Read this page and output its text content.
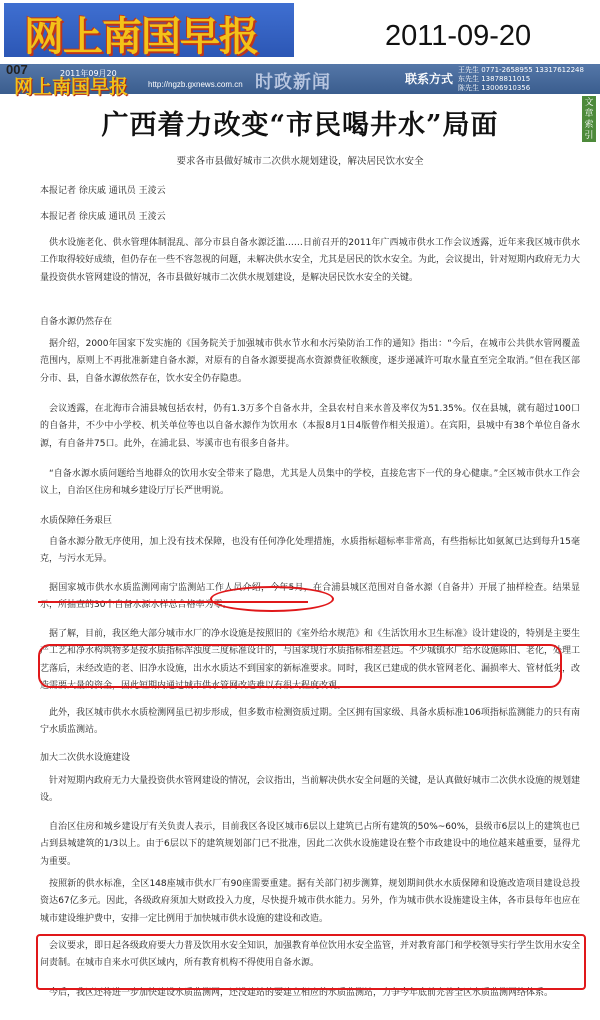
网上南国早报	2011-09-20
007
网上南国早报
2011年09月20
http://ngzb.gxnews.com.cn 时政新闻	联系方式
王先生 0771-2658955 13317612248
东先生 13878811015
陈先生 13006910356
文
章
索
引
广西着力改变“市民喝井水”局面
要求各市县做好城市二次供水规划建设，解决居民饮水安全
本报记者 徐庆戚 通讯员 王淩云
本报记者 徐庆戚 通讯员 王淩云

供水设施老化、供水管理体制混乱、部分市县自备水源泛滥……日前召开的2011年广西城市供水工作会议透露，近年来我区城市供水工作取得较好成绩，但仍存在一些不容忽视的问题，未解决供水安全，尤其是居民的饮水安全。为此，会议提出，针对短期内政府无力大量投资供水管网建设的情况，各市县做好城市二次供水规划建设，是解决居民饮水安全的关键。

自备水源仍然存在

据介绍，2000年国家下发实施的《国务院关于加强城市供水节水和水污染防治工作的通知》指出：“今后，在城市公共供水管网覆盖范围内，原则上不再批准新建自备水源，对原有的自备水源要提高水资源费征收额度，逐步递减许可取水量直至完全取消。”但在我区部分市、县，自备水源依然存在，饮水安全仍存隐患。

会议透露，在北海市合浦县城包括农村，仍有1.3万多个自备水井，全县农村自来水普及率仅为51.35%。仅在县城，就有超过100口的自备井，不少中小学校、机关单位等也以自备水源作为饮用水（本报8月1日4版曾作相关报道）。在宾阳，县城中有38个单位自备水源，有自备井75口。此外，在浦北县、岑溪市也有很多自备井。

“自备水源水质问题给当地群众的饮用水安全带来了隐患，尤其是人员集中的学校，直接危害下一代的身心健康。”全区城市供水工作会议上，自治区住房和城乡建设厅厅长严世明说。

水质保障任务艰巨

自备水源分散无序使用，加上没有技术保障，也没有任何净化处理措施，水质指标超标率非常高，有些指标比如氨氮已达到每升15毫克，与污水无异。

据国家城市供水水质监测网南宁监测站工作人员介绍，今年5月，在合浦县城区范围对自备水源（自备井）开展了抽样检查。结果显示，所抽查的30个自备水源水样总合格率为零。

据了解，目前，我区绝大部分城市水厂的净水设施是按照旧的《室外给水规范》和《生活饮用水卫生标准》设计建设的，特别是主要生产工艺和净水构筑物多是按水质指标浑浊度三度标准设计的，与国家现行水质指标相差甚远。不少城镇水厂给水设施陈旧、老化，处理工艺落后，未经改造的老、旧净水设施，出水水质达不到国家的新标准要求。同时，我区已建成的供水管网老化、漏损率大、管材低劣，改造需要大量的资金，因此短期内通过城市供水管网改造难以有很大程度改观。

此外，我区城市供水水质检测网虽已初步形成，但多数市检测资质过期。全区拥有国家级、具备水质标准106项指标监测能力的只有南宁水质监测站。

加大二次供水设施建设

针对短期内政府无力大量投资供水管网建设的情况，会议指出，当前解决供水安全问题的关键，是认真做好城市二次供水设施的规划建设。

自治区住房和城乡建设厅有关负责人表示，目前我区各设区城市6层以上建筑已占所有建筑的50%~60%，县级市6层以上的建筑也已占到县城建筑的1/3以上。由于6层以下的建筑规划部门已不批准，因此二次供水设施建设在整个市政建设中的地位越来越重要，显得尤为重要。

按照新的供水标准，全区148座城市供水厂有90座需要重建。据有关部门初步测算，规划期间供水水质保障和设施改造项目建设总投资达67亿多元。因此，各级政府须加大财政投入力度，尽快提升城市供水能力。另外，作为城市供水设施建设主体，各市县每年也应在城市建设维护费中，安排一定比例用于加快城市供水设施的建设和改造。

会议要求，即日起各级政府要大力普及饮用水安全知识，加强教育单位饮用水安全监管，并对教育部门和学校领导实行学生饮用水安全问责制。在城市自来水可供区域内，所有教育机构不得使用自备水源。

今后，我区还将进一步加快建设水质监测网，还没建站的要建立相应的水质监测站，力争今年底前完善全区水质监测网络体系。
